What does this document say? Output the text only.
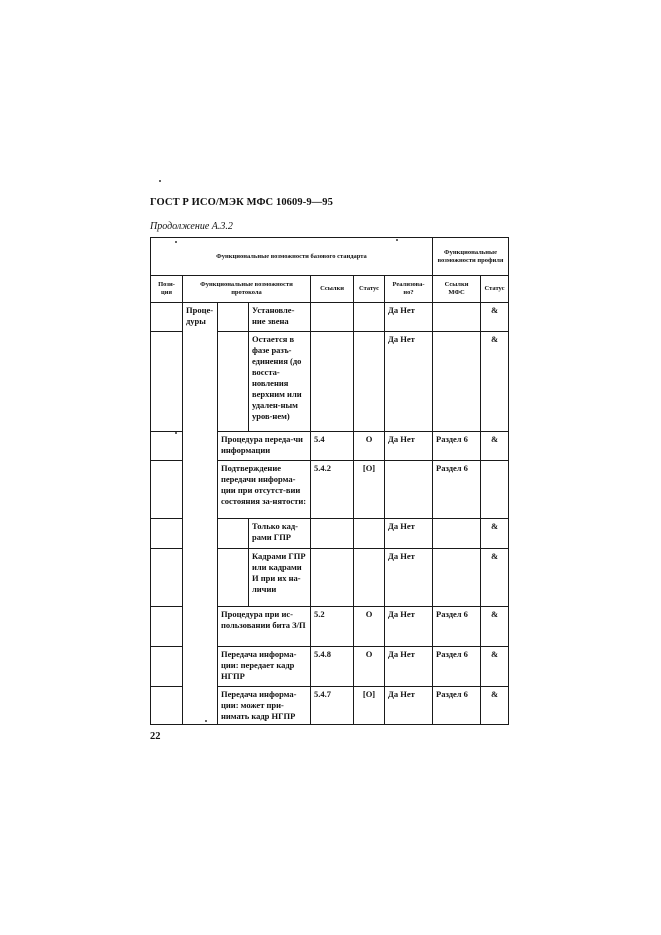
ГОСТ Р ИСО/МЭК МФС 10609-9—95
Продолжение А.3.2
Функциональные возможности базового стандарта							Функциональные возможности профиля	
Пози-ция	Функциональные возможности протокола			Ссылки	Статус	Реализова-но?	Ссылки МФС	Статус
	Проце-дуры		Установле-ние звена			Да Нет		&
			Остается в фазе разъ-единения (до восста-новления верхним или удален-ным уров-нем)			Да Нет		&
		Процедура переда-чи информации		5.4	О	Да Нет	Раздел 6	&
		Подтверждение передачи информа-ции при отсутст-вии состояния за-нятости:		5.4.2	[О]		Раздел 6	
			Только кад-рами ГПР			Да Нет		&
			Кадрами ГПР или кадрами И при их на-личии			Да Нет		&
		Процедура при ис-пользовании бита З/П		5.2	О	Да Нет	Раздел 6	&
		Передача информа-ции: передает кадр НГПР		5.4.8	О	Да Нет	Раздел 6	&
		Передача информа-ции: может при-нимать кадр НГПР		5.4.7	[О]	Да Нет	Раздел 6	&
22
